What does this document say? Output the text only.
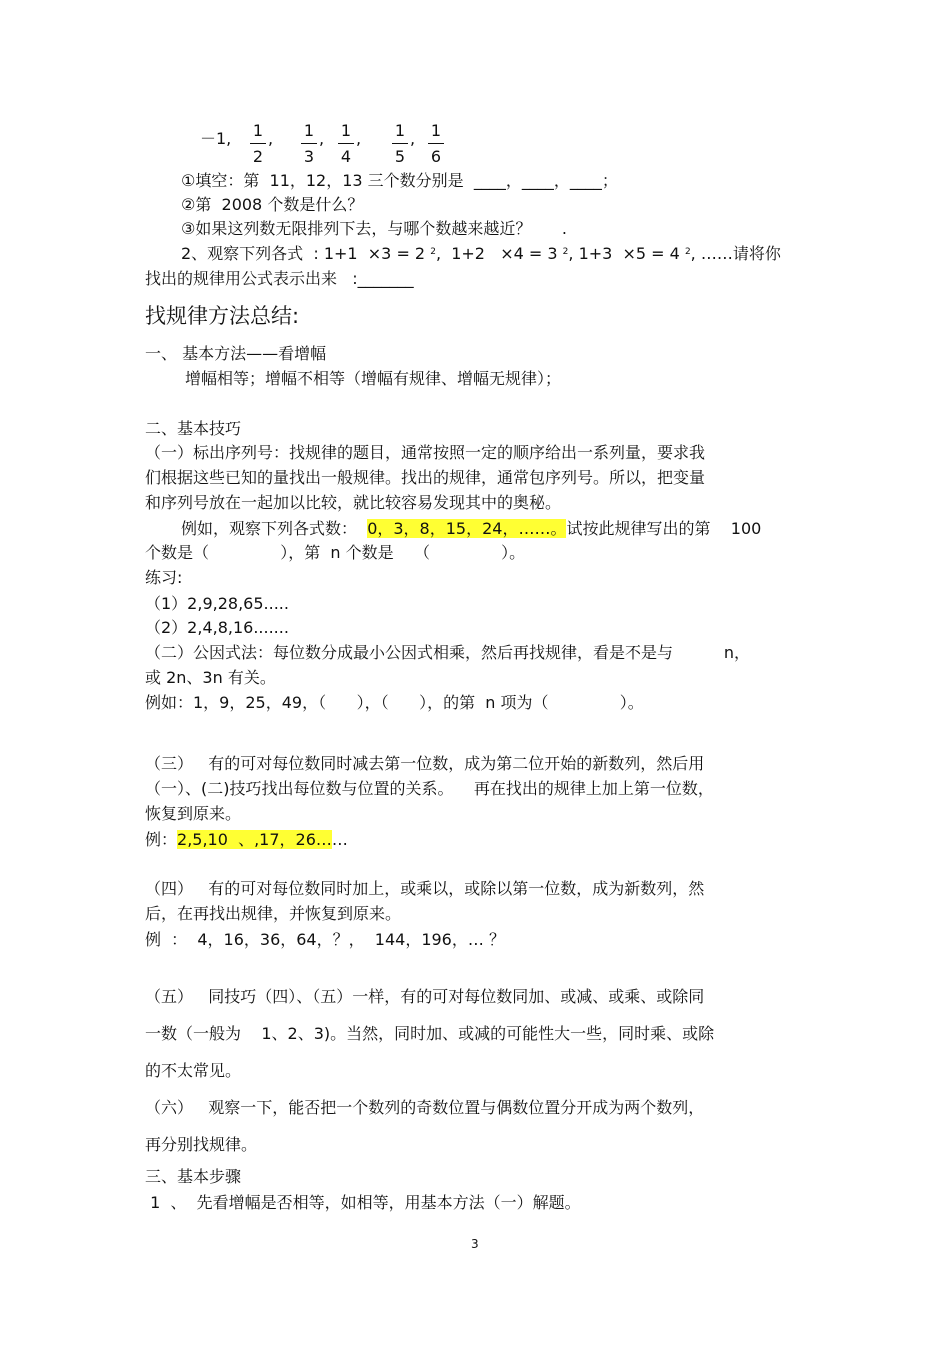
－1, 1
2
, 1
3
, 1
4
, 1
5
, 1
6
①填空：第  11，12，13 三个数分别是  ____，____，____；
②第  2008 个数是什么？
③如果这列数无限排列下去，与哪个数越来越近？      .
2、观察下列各式  : 1+1  ×3 = 2 $^2$,  1+2   ×4 = 3 $^2$, 1+3  ×5 = 4 $^2$, ……请将你
找出的规律用公式表示出来   :_______
找规律方法总结:
一、 基本方法——看增幅
增幅相等；增幅不相等（增幅有规律、增幅无规律）；
二、基本技巧
（一）标出序列号：找规律的题目，通常按照一定的顺序给出一系列量，要求我
们根据这些已知的量找出一般规律。找出的规律，通常包序列号。所以，把变量
和序列号放在一起加以比较，就比较容易发现其中的奥秘。
例如，观察下列各式数：  0，3，8，15，24，……。试按此规律写出的第    100
个数是（              ），第  n 个数是    （              ）。
练习:
（1）2,9,28,65.....
（2）2,4,8,16.......
（二）公因式法：每位数分成最小公因式相乘，然后再找规律，看是不是与          n，
或 2n、3n 有关。
例如：1，9，25，49，（      ），（      ），的第  n 项为（              ）。
（三）   有的可对每位数同时减去第一位数，成为第二位开始的新数列，然后用
（一）、(二)技巧找出每位数与位置的关系。    再在找出的规律上加上第一位数，
恢复到原来。
例：2,5,10  、,17，26……
（四）   有的可对每位数同时加上，或乘以，或除以第一位数，成为新数列，然
后，在再找出规律，并恢复到原来。
例  ：  4，16，36，64，？，  144，196，… ？
（五）   同技巧（四）、（五）一样，有的可对每位数同加、或减、或乘、或除同
一数（一般为    1、2、3)。当然，同时加、或减的可能性大一些，同时乘、或除
的不太常见。
（六）   观察一下，能否把一个数列的奇数位置与偶数位置分开成为两个数列，
再分别找规律。
三、基本步骤
1  、  先看增幅是否相等，如相等，用基本方法（一）解题。
3
